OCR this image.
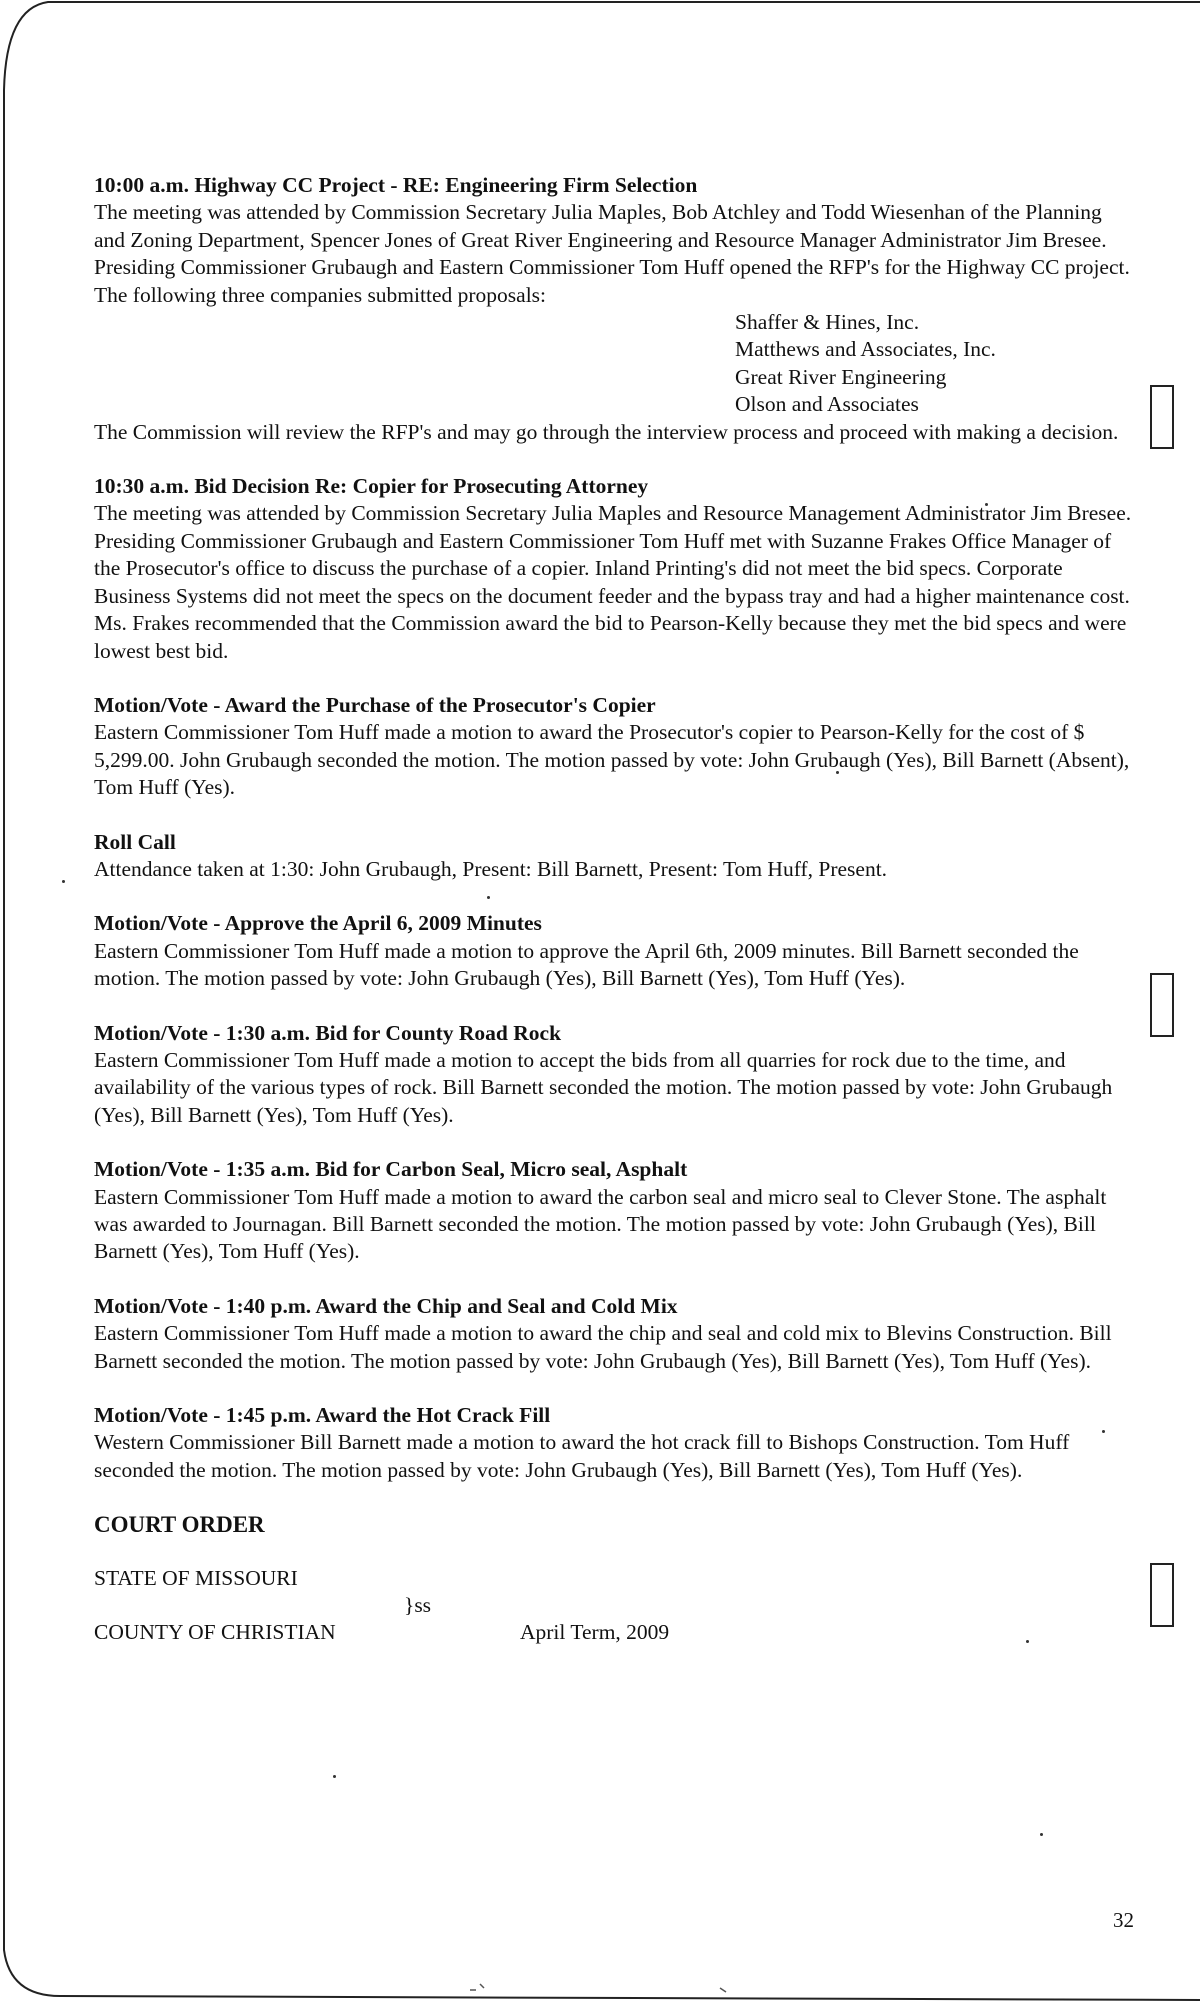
10:00 a.m. Highway CC Project - RE: Engineering Firm Selection
The meeting was attended by Commission Secretary Julia Maples, Bob Atchley and Todd Wiesenhan of the Planning and Zoning Department, Spencer Jones of Great River Engineering and Resource Manager Administrator Jim Bresee.
Presiding Commissioner Grubaugh and Eastern Commissioner Tom Huff opened the RFP's for the Highway CC project. The following three companies submitted proposals:
Shaffer & Hines, Inc.
Matthews and Associates, Inc.
Great River Engineering
Olson and Associates
The Commission will review the RFP's and may go through the interview process and proceed with making a decision.
10:30 a.m. Bid Decision Re: Copier for Prosecuting Attorney
The meeting was attended by Commission Secretary Julia Maples and Resource Management Administrator Jim Bresee.
Presiding Commissioner Grubaugh and Eastern Commissioner Tom Huff met with Suzanne Frakes Office Manager of the Prosecutor's office to discuss the purchase of a copier. Inland Printing's did not meet the bid specs. Corporate Business Systems did not meet the specs on the document feeder and the bypass tray and had a higher maintenance cost. Ms. Frakes recommended that the Commission award the bid to Pearson-Kelly because they met the bid specs and were lowest best bid.
Motion/Vote - Award the Purchase of the Prosecutor's Copier
Eastern Commissioner Tom Huff made a motion to award the Prosecutor's copier to Pearson-Kelly for the cost of $ 5,299.00. John Grubaugh seconded the motion. The motion passed by vote: John Grubaugh (Yes), Bill Barnett (Absent), Tom Huff (Yes).
Roll Call
Attendance taken at 1:30: John Grubaugh, Present: Bill Barnett, Present: Tom Huff, Present.
Motion/Vote - Approve the April 6, 2009 Minutes
Eastern Commissioner Tom Huff made a motion to approve the April 6th, 2009 minutes. Bill Barnett seconded the motion. The motion passed by vote: John Grubaugh (Yes), Bill Barnett (Yes), Tom Huff (Yes).
Motion/Vote - 1:30 a.m. Bid for County Road Rock
Eastern Commissioner Tom Huff made a motion to accept the bids from all quarries for rock due to the time, and availability of the various types of rock. Bill Barnett seconded the motion. The motion passed by vote: John Grubaugh (Yes), Bill Barnett (Yes), Tom Huff (Yes).
Motion/Vote - 1:35 a.m. Bid for Carbon Seal, Micro seal, Asphalt
Eastern Commissioner Tom Huff made a motion to award the carbon seal and micro seal to Clever Stone. The asphalt was awarded to Journagan. Bill Barnett seconded the motion. The motion passed by vote: John Grubaugh (Yes), Bill Barnett (Yes), Tom Huff (Yes).
Motion/Vote - 1:40 p.m. Award the Chip and Seal and Cold Mix
Eastern Commissioner Tom Huff made a motion to award the chip and seal and cold mix to Blevins Construction. Bill Barnett seconded the motion. The motion passed by vote: John Grubaugh (Yes), Bill Barnett (Yes), Tom Huff (Yes).
Motion/Vote - 1:45 p.m. Award the Hot Crack Fill
Western Commissioner Bill Barnett made a motion to award the hot crack fill to Bishops Construction. Tom Huff seconded the motion. The motion passed by vote: John Grubaugh (Yes), Bill Barnett (Yes), Tom Huff (Yes).
COURT ORDER
STATE OF MISSOURI
}ss
COUNTY OF CHRISTIAN	April Term, 2009
32
